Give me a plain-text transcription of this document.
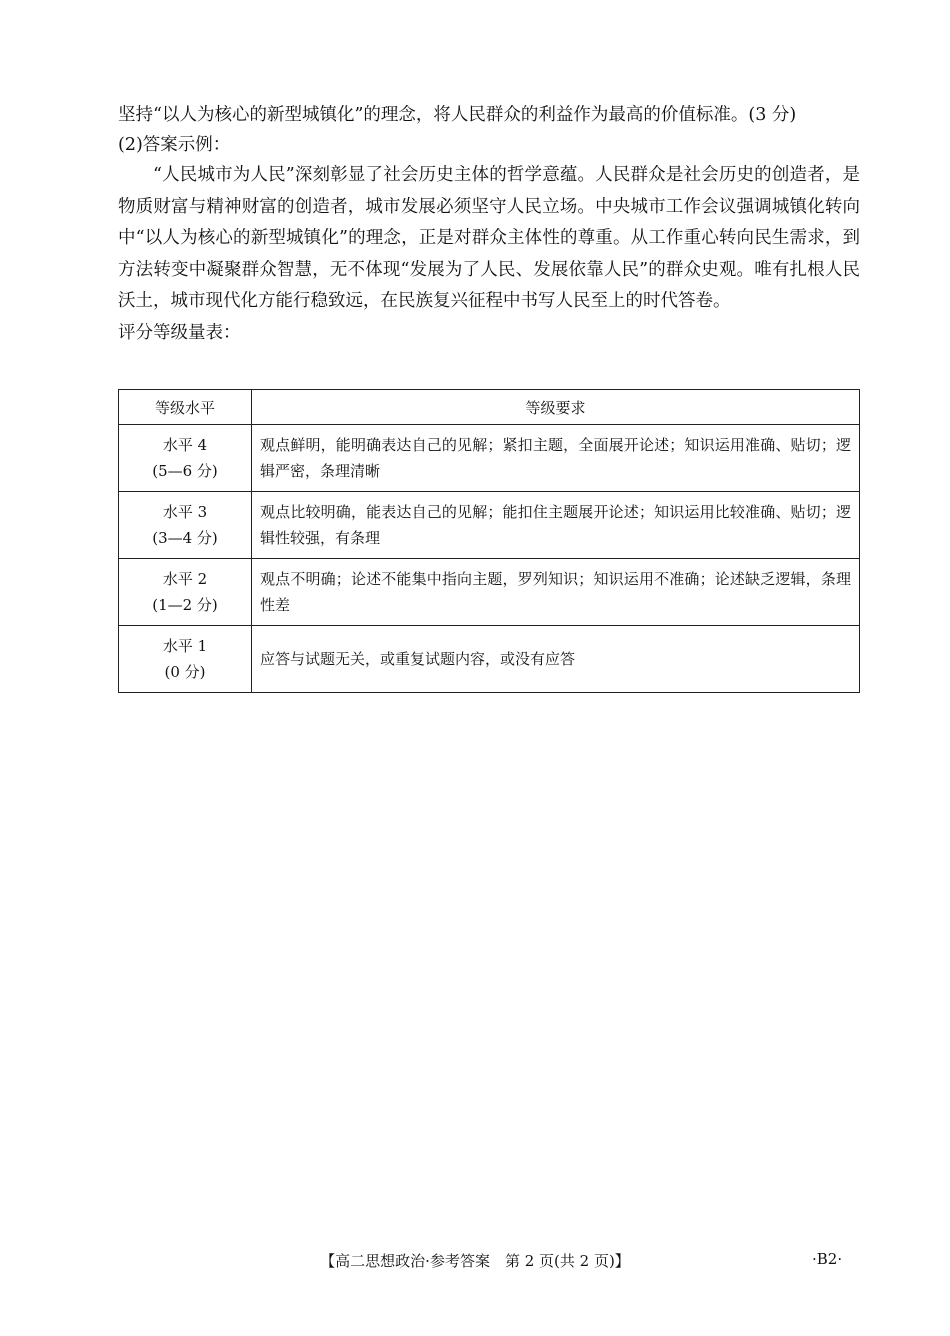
坚持“以人为核心的新型城镇化”的理念，将人民群众的利益作为最高的价值标准。(3 分)

(2)答案示例：

“人民城市为人民”深刻彰显了社会历史主体的哲学意蕴。人民群众是社会历史的创造者，是物质财富与精神财富的创造者，城市发展必须坚守人民立场。中央城市工作会议强调城镇化转向中“以人为核心的新型城镇化”的理念，正是对群众主体性的尊重。从工作重心转向民生需求，到方法转变中凝聚群众智慧，无不体现“发展为了人民、发展依靠人民”的群众史观。唯有扎根人民沃土，城市现代化方能行稳致远，在民族复兴征程中书写人民至上的时代答卷。

评分等级量表：

等级水平	等级要求
水平 4
(5—6 分)	观点鲜明，能明确表达自己的见解；紧扣主题，全面展开论述；知识运用准确、贴切；逻辑严密，条理清晰
水平 3
(3—4 分)	观点比较明确，能表达自己的见解；能扣住主题展开论述；知识运用比较准确、贴切；逻辑性较强，有条理
水平 2
(1—2 分)	观点不明确；论述不能集中指向主题，罗列知识；知识运用不准确；论述缺乏逻辑，条理性差
水平 1
(0 分)	应答与试题无关，或重复试题内容，或没有应答
【高二思想政治·参考答案　第 2 页(共 2 页)】	·B2·
